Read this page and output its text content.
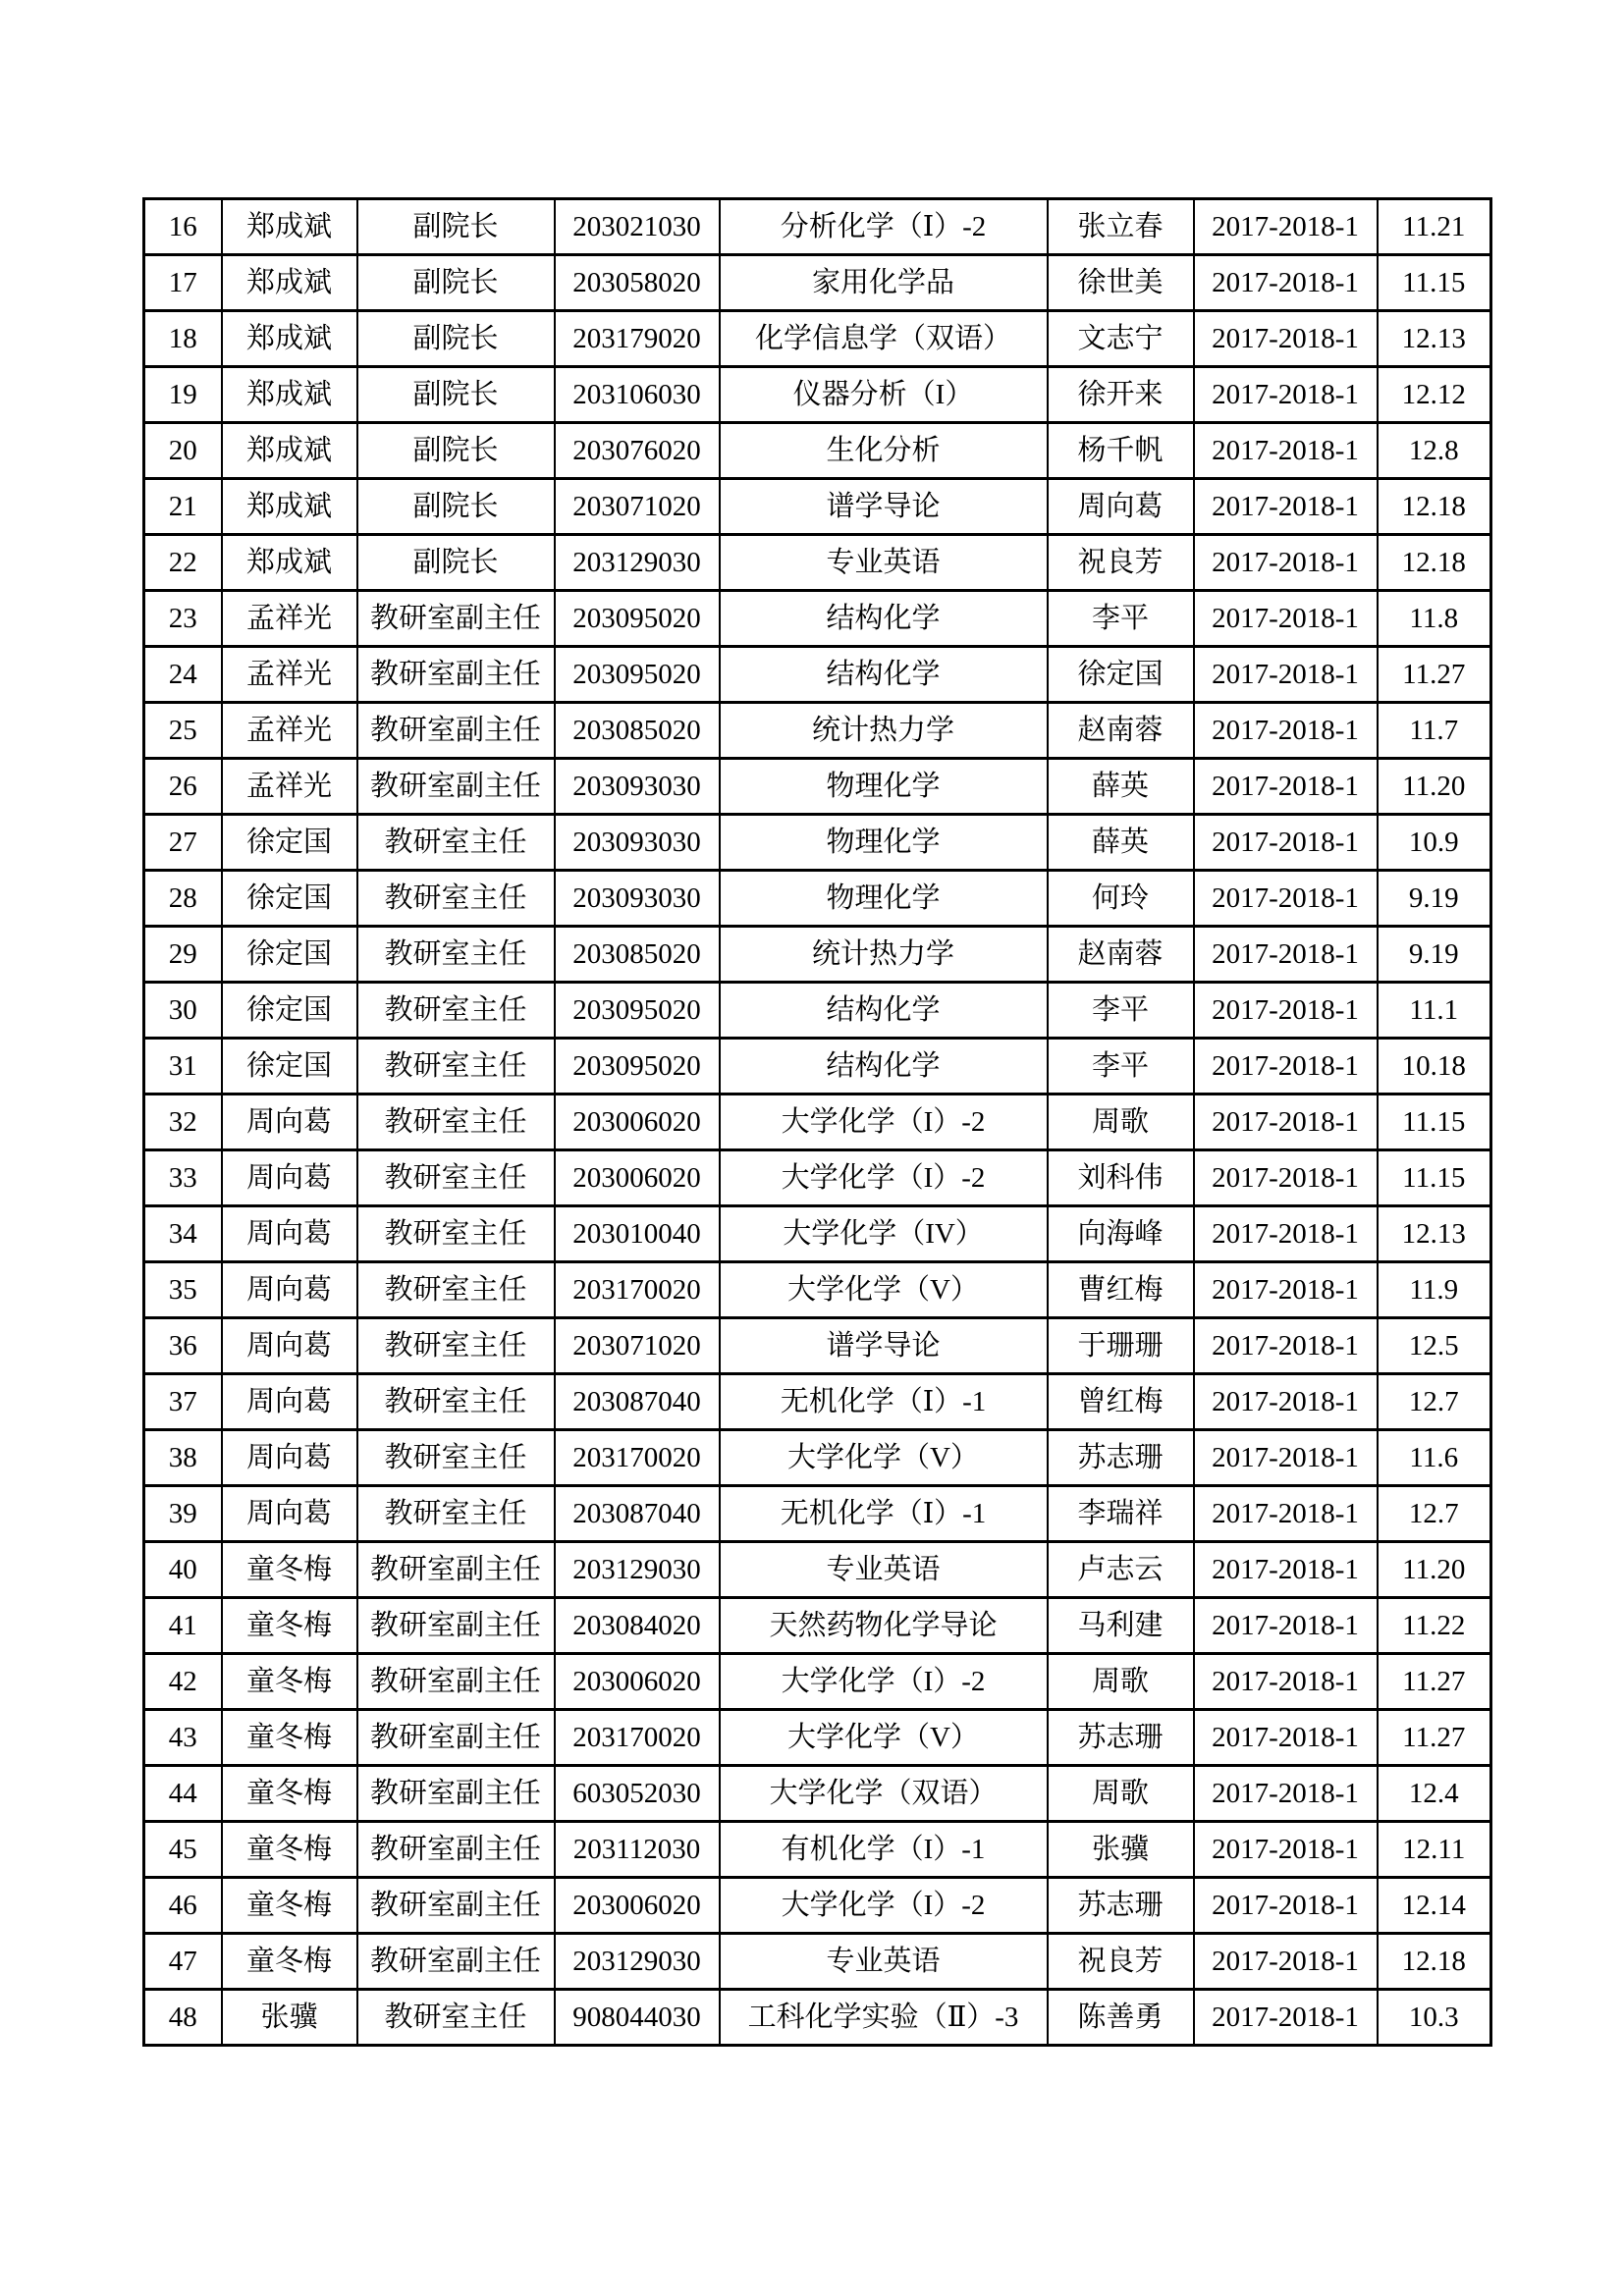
16	郑成斌	副院长	203021030	分析化学（Ⅰ）-2	张立春	2017-2018-1	11.21
17	郑成斌	副院长	203058020	家用化学品	徐世美	2017-2018-1	11.15
18	郑成斌	副院长	203179020	化学信息学（双语）	文志宁	2017-2018-1	12.13
19	郑成斌	副院长	203106030	仪器分析（I）	徐开来	2017-2018-1	12.12
20	郑成斌	副院长	203076020	生化分析	杨千帆	2017-2018-1	12.8
21	郑成斌	副院长	203071020	谱学导论	周向葛	2017-2018-1	12.18
22	郑成斌	副院长	203129030	专业英语	祝良芳	2017-2018-1	12.18
23	孟祥光	教研室副主任	203095020	结构化学	李平	2017-2018-1	11.8
24	孟祥光	教研室副主任	203095020	结构化学	徐定国	2017-2018-1	11.27
25	孟祥光	教研室副主任	203085020	统计热力学	赵南蓉	2017-2018-1	11.7
26	孟祥光	教研室副主任	203093030	物理化学	薛英	2017-2018-1	11.20
27	徐定国	教研室主任	203093030	物理化学	薛英	2017-2018-1	10.9
28	徐定国	教研室主任	203093030	物理化学	何玲	2017-2018-1	9.19
29	徐定国	教研室主任	203085020	统计热力学	赵南蓉	2017-2018-1	9.19
30	徐定国	教研室主任	203095020	结构化学	李平	2017-2018-1	11.1
31	徐定国	教研室主任	203095020	结构化学	李平	2017-2018-1	10.18
32	周向葛	教研室主任	203006020	大学化学（I）-2	周歌	2017-2018-1	11.15
33	周向葛	教研室主任	203006020	大学化学（I）-2	刘科伟	2017-2018-1	11.15
34	周向葛	教研室主任	203010040	大学化学（IV）	向海峰	2017-2018-1	12.13
35	周向葛	教研室主任	203170020	大学化学（V）	曹红梅	2017-2018-1	11.9
36	周向葛	教研室主任	203071020	谱学导论	于珊珊	2017-2018-1	12.5
37	周向葛	教研室主任	203087040	无机化学（Ⅰ）-1	曾红梅	2017-2018-1	12.7
38	周向葛	教研室主任	203170020	大学化学（V）	苏志珊	2017-2018-1	11.6
39	周向葛	教研室主任	203087040	无机化学（Ⅰ）-1	李瑞祥	2017-2018-1	12.7
40	童冬梅	教研室副主任	203129030	专业英语	卢志云	2017-2018-1	11.20
41	童冬梅	教研室副主任	203084020	天然药物化学导论	马利建	2017-2018-1	11.22
42	童冬梅	教研室副主任	203006020	大学化学（I）-2	周歌	2017-2018-1	11.27
43	童冬梅	教研室副主任	203170020	大学化学（V）	苏志珊	2017-2018-1	11.27
44	童冬梅	教研室副主任	603052030	大学化学（双语）	周歌	2017-2018-1	12.4
45	童冬梅	教研室副主任	203112030	有机化学（I）-1	张骥	2017-2018-1	12.11
46	童冬梅	教研室副主任	203006020	大学化学（I）-2	苏志珊	2017-2018-1	12.14
47	童冬梅	教研室副主任	203129030	专业英语	祝良芳	2017-2018-1	12.18
48	张骥	教研室主任	908044030	工科化学实验（Ⅱ）-3	陈善勇	2017-2018-1	10.3
